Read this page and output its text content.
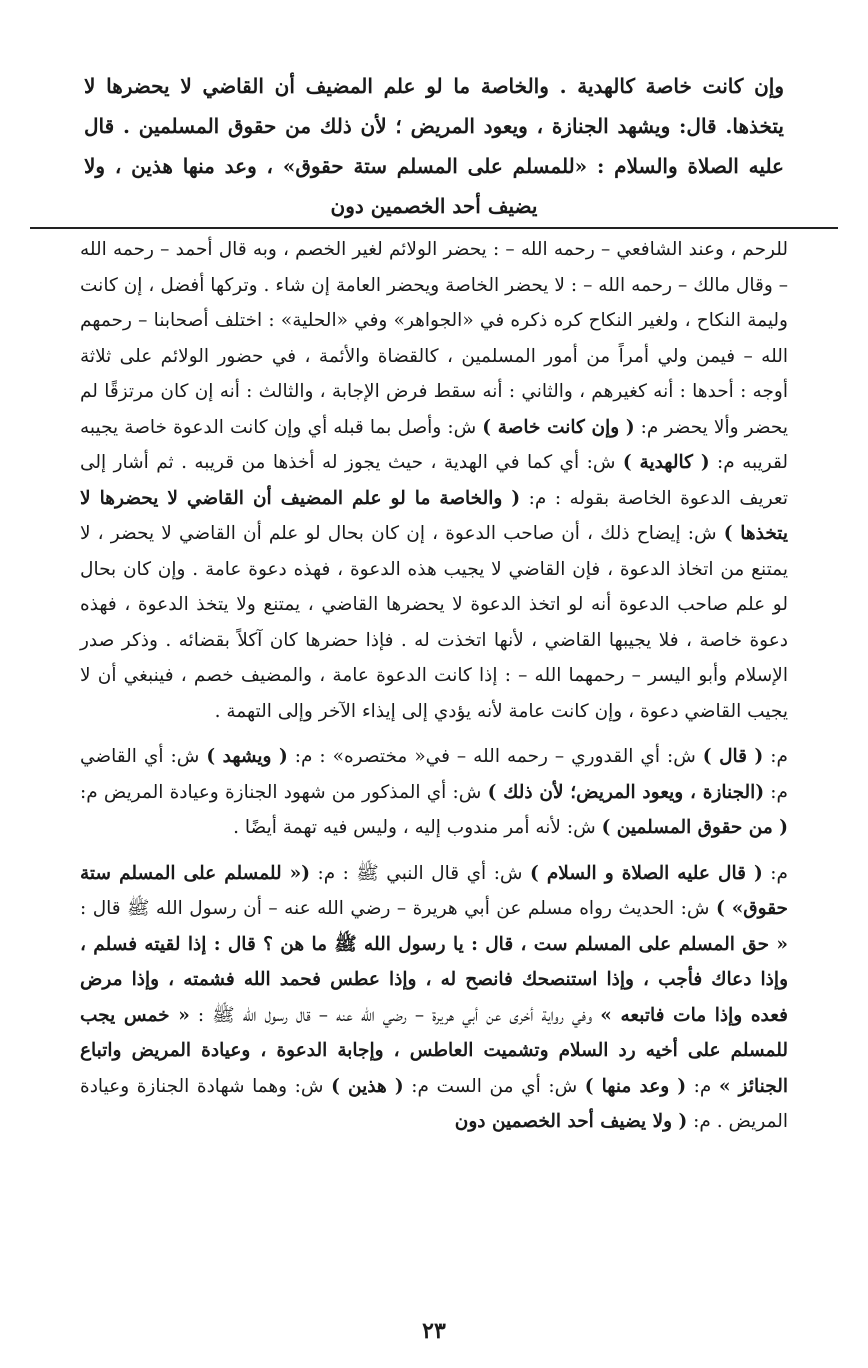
وإن كانت خاصة كالهدية . والخاصة ما لو علم المضيف أن القاضي لا يحضرها لا يتخذها. قال: ويشهد الجنازة ، ويعود المريض ؛ لأن ذلك من حقوق المسلمين . قال عليه الصلاة والسلام : «للمسلم على المسلم ستة حقوق» ، وعد منها هذين ، ولا يضيف أحد الخصمين دون

للرحم ، وعند الشافعي – رحمه الله – : يحضر الولائم لغير الخصم ، وبه قال أحمد – رحمه الله – وقال مالك – رحمه الله – : لا يحضر الخاصة ويحضر العامة إن شاء . وتركها أفضل ، إن كانت وليمة النكاح ، ولغير النكاح كره ذكره في «الجواهر» وفي «الحلية» : اختلف أصحابنا – رحمهم الله – فيمن ولي أمراً من أمور المسلمين ، كالقضاة والأئمة ، في حضور الولائم على ثلاثة أوجه : أحدها : أنه كغيرهم ، والثاني : أنه سقط فرض الإجابة ، والثالث : أنه إن كان مرتزقًا لم يحضر وألا يحضر م: ( وإن كانت خاصة ) ش: وأصل بما قبله أي وإن كانت الدعوة خاصة يجيبه لقريبه م: ( كالهدية ) ش: أي كما في الهدية ، حيث يجوز له أخذها من قريبه . ثم أشار إلى تعريف الدعوة الخاصة بقوله : م: ( والخاصة ما لو علم المضيف أن القاضي لا يحضرها لا يتخذها ) ش: إيضاح ذلك ، أن صاحب الدعوة ، إن كان بحال لو علم أن القاضي لا يحضر ، لا يمتنع من اتخاذ الدعوة ، فإن القاضي لا يجيب هذه الدعوة ، فهذه دعوة عامة . وإن كان بحال لو علم صاحب الدعوة أنه لو اتخذ الدعوة لا يحضرها القاضي ، يمتنع ولا يتخذ الدعوة ، فهذه دعوة خاصة ، فلا يجيبها القاضي ، لأنها اتخذت له . فإذا حضرها كان آكلاً بقضائه . وذكر صدر الإسلام وأبو اليسر – رحمهما الله – : إذا كانت الدعوة عامة ، والمضيف خصم ، فينبغي أن لا يجيب القاضي دعوة ، وإن كانت عامة لأنه يؤدي إلى إيذاء الآخر وإلى التهمة .

م: ( قال ) ش: أي القدوري – رحمه الله – في« مختصره» : م: ( ويشهد ) ش: أي القاضي م: (الجنازة ، ويعود المريض؛ لأن ذلك ) ش: أي المذكور من شهود الجنازة وعيادة المريض م: ( من حقوق المسلمين ) ش: لأنه أمر مندوب إليه ، وليس فيه تهمة أيضًا .

م: ( قال عليه الصلاة و السلام ) ش: أي قال النبي ﷺ : م: (« للمسلم على المسلم ستة حقوق» ) ش: الحديث رواه مسلم عن أبي هريرة – رضي الله عنه – أن رسول الله ﷺ قال : « حق المسلم على المسلم ست ، قال : يا رسول الله ﷺ ما هن ؟ قال : إذا لقيته فسلم ، وإذا دعاك فأجب ، وإذا استنصحك فانصح له ، وإذا عطس فحمد الله فشمته ، وإذا مرض فعده وإذا مات فاتبعه » وفي رواية أخرى عن أبي هريرة – رضي الله عنه – قال رسول الله ﷺ : « خمس يجب للمسلم على أخيه رد السلام وتشميت العاطس ، وإجابة الدعوة ، وعيادة المريض واتباع الجنائز » م: ( وعد منها ) ش: أي من الست م: ( هذين ) ش: وهما شهادة الجنازة وعيادة المريض . م: ( ولا يضيف أحد الخصمين دون

٢٣
